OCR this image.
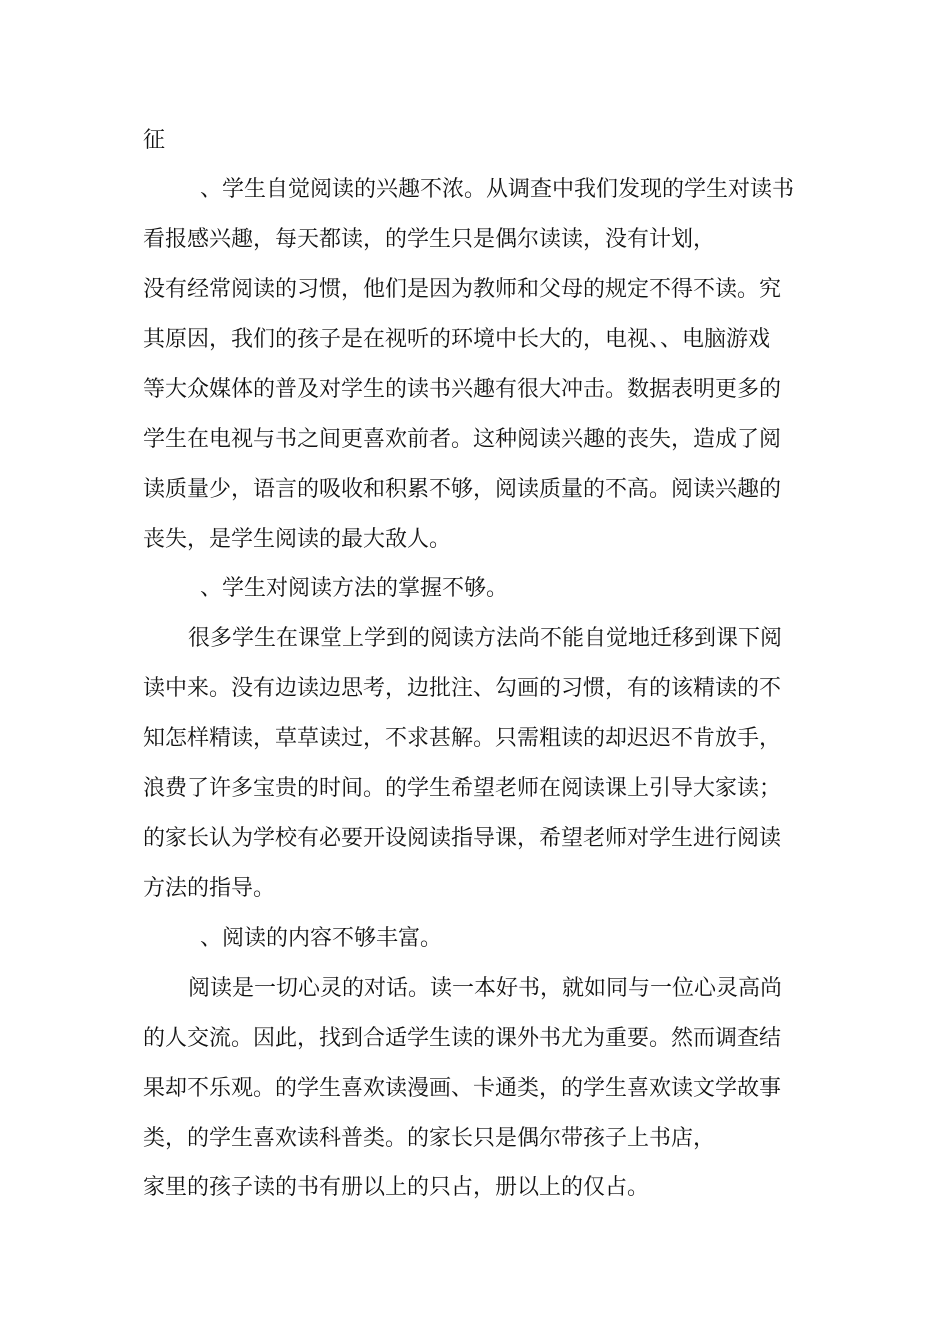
征
、学生自觉阅读的兴趣不浓。从调查中我们发现的学生对读书
看报感兴趣，每天都读，的学生只是偶尔读读，没有计划，
没有经常阅读的习惯，他们是因为教师和父母的规定不得不读。究
其原因，我们的孩子是在视听的环境中长大的，电视、、电脑游戏
等大众媒体的普及对学生的读书兴趣有很大冲击。数据表明更多的
学生在电视与书之间更喜欢前者。这种阅读兴趣的丧失，造成了阅
读质量少，语言的吸收和积累不够，阅读质量的不高。阅读兴趣的
丧失，是学生阅读的最大敌人。
、学生对阅读方法的掌握不够。
很多学生在课堂上学到的阅读方法尚不能自觉地迁移到课下阅
读中来。没有边读边思考，边批注、勾画的习惯，有的该精读的不
知怎样精读，草草读过，不求甚解。只需粗读的却迟迟不肯放手，
浪费了许多宝贵的时间。的学生希望老师在阅读课上引导大家读；
的家长认为学校有必要开设阅读指导课，希望老师对学生进行阅读
方法的指导。
、阅读的内容不够丰富。
阅读是一切心灵的对话。读一本好书，就如同与一位心灵高尚
的人交流。因此，找到合适学生读的课外书尤为重要。然而调查结
果却不乐观。的学生喜欢读漫画、卡通类，的学生喜欢读文学故事
类，的学生喜欢读科普类。的家长只是偶尔带孩子上书店，
家里的孩子读的书有册以上的只占，册以上的仅占。
